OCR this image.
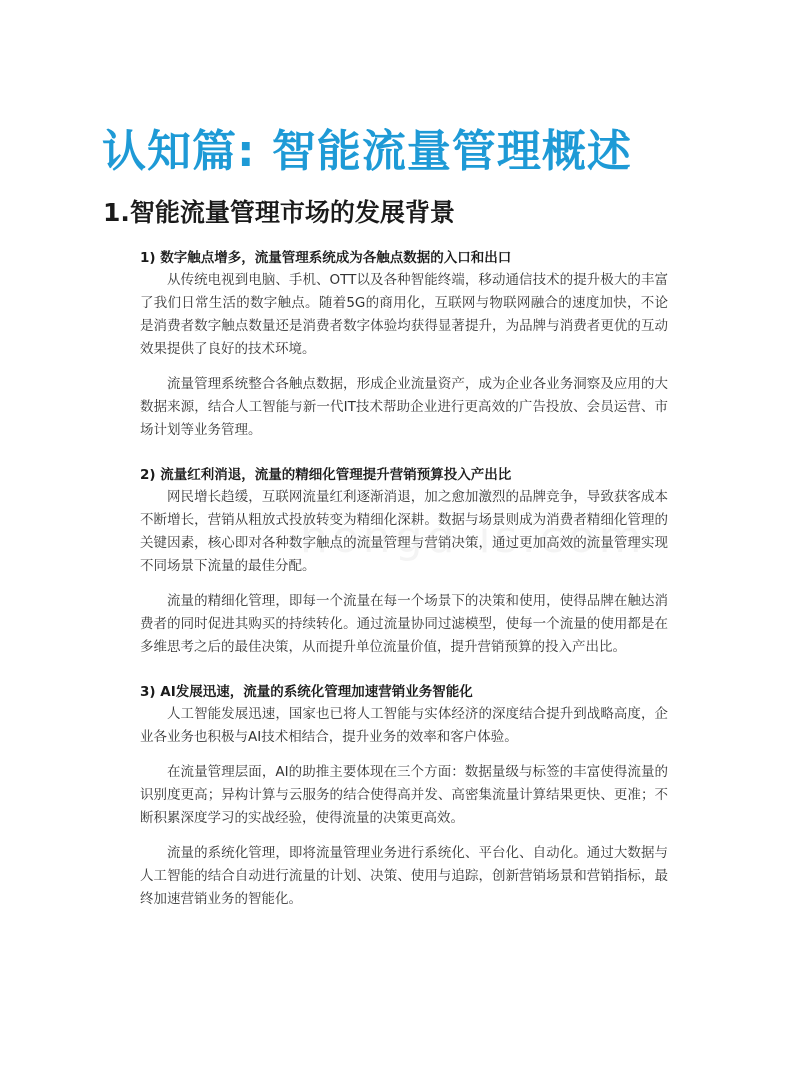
认知篇: 智能流量管理概述
1.智能流量管理市场的发展背景

1) 数字触点增多，流量管理系统成为各触点数据的入口和出口

从传统电视到电脑、手机、OTT以及各种智能终端，移动通信技术的提升极大的丰富了我们日常生活的数字触点。随着5G的商用化，互联网与物联网融合的速度加快，不论是消费者数字触点数量还是消费者数字体验均获得显著提升，为品牌与消费者更优的互动效果提供了良好的技术环境。

流量管理系统整合各触点数据，形成企业流量资产，成为企业各业务洞察及应用的大数据来源，结合人工智能与新一代IT技术帮助企业进行更高效的广告投放、会员运营、市场计划等业务管理。

2) 流量红利消退，流量的精细化管理提升营销预算投入产出比

网民增长趋缓，互联网流量红利逐渐消退，加之愈加激烈的品牌竞争，导致获客成本不断增长，营销从粗放式投放转变为精细化深耕。数据与场景则成为消费者精细化管理的关键因素，核心即对各种数字触点的流量管理与营销决策，通过更加高效的流量管理实现不同场景下流量的最佳分配。

流量的精细化管理，即每一个流量在每一个场景下的决策和使用，使得品牌在触达消费者的同时促进其购买的持续转化。通过流量协同过滤模型，使每一个流量的使用都是在多维思考之后的最佳决策，从而提升单位流量价值，提升营销预算的投入产出比。

3) AI发展迅速，流量的系统化管理加速营销业务智能化

人工智能发展迅速，国家也已将人工智能与实体经济的深度结合提升到战略高度，企业各业务也积极与AI技术相结合，提升业务的效率和客户体验。

在流量管理层面，AI的助推主要体现在三个方面：数据量级与标签的丰富使得流量的识别度更高；异构计算与云服务的结合使得高并发、高密集流量计算结果更快、更准；不断积累深度学习的实战经验，使得流量的决策更高效。

流量的系统化管理，即将流量管理业务进行系统化、平台化、自动化。通过大数据与人工智能的结合自动进行流量的计划、决策、使用与追踪，创新营销场景和营销指标，最终加速营销业务的智能化。
